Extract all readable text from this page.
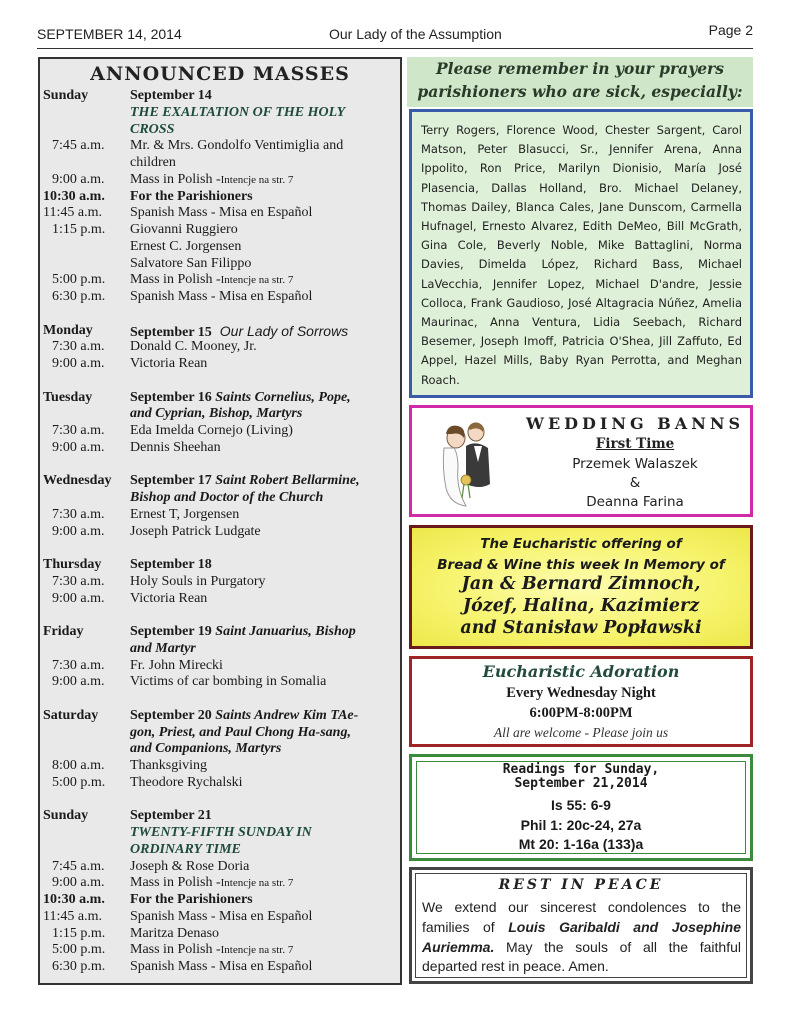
SEPTEMBER 14, 2014	Our Lady of the Assumption	Page 2
ANNOUNCED MASSES
Sunday	September 14
THE EXALTATION OF THE HOLY
CROSS
7:45 a.m.	Mr. & Mrs. Gondolfo Ventimiglia and
children
9:00 a.m.	Mass in Polish -Intencje na str. 7
10:30 a.m.	For the Parishioners
11:45 a.m.	Spanish Mass - Misa en Español
1:15 p.m.	Giovanni Ruggiero
Ernest C. Jorgensen
Salvatore San Filippo
5:00 p.m.	Mass in Polish -Intencje na str. 7
6:30 p.m.	Spanish Mass - Misa en Español
Monday	September 15 Our Lady of Sorrows
7:30 a.m.	Donald C. Mooney, Jr.
9:00 a.m.	Victoria Rean
Tuesday	September 16 Saints Cornelius, Pope,
and Cyprian, Bishop, Martyrs
7:30 a.m.	Eda Imelda Cornejo (Living)
9:00 a.m.	Dennis Sheehan
Wednesday	September 17 Saint Robert Bellarmine,
Bishop and Doctor of the Church
7:30 a.m.	Ernest T, Jorgensen
9:00 a.m.	Joseph Patrick Ludgate
Thursday	September 18
7:30 a.m.	Holy Souls in Purgatory
9:00 a.m.	Victoria Rean
Friday	September 19 Saint Januarius, Bishop
and Martyr
7:30 a.m.	Fr. John Mirecki
9:00 a.m.	Victims of car bombing in Somalia
Saturday	September 20 Saints Andrew Kim TAe-
gon, Priest, and Paul Chong Ha-sang,
and Companions, Martyrs
8:00 a.m.	Thanksgiving
5:00 p.m.	Theodore Rychalski
Sunday	September 21
TWENTY-FIFTH SUNDAY IN
ORDINARY TIME
7:45 a.m.	Joseph & Rose Doria
9:00 a.m.	Mass in Polish -Intencje na str. 7
10:30 a.m.	For the Parishioners
11:45 a.m.	Spanish Mass - Misa en Español
1:15 p.m.	Maritza Denaso
5:00 p.m.	Mass in Polish -Intencje na str. 7
6:30 p.m.	Spanish Mass - Misa en Español
Please remember in your prayers
parishioners who are sick, especially:
Terry Rogers, Florence Wood, Chester Sargent, Carol Matson, Peter Blasucci, Sr., Jennifer Arena, Anna Ippolito, Ron Price, Marilyn Dionisio, María José Plasencia, Dallas Holland, Bro. Michael Delaney, Thomas Dailey, Blanca Cales, Jane Dunscom, Carmella Hufnagel, Ernesto Alvarez, Edith DeMeo, Bill McGrath, Gina Cole, Beverly Noble, Mike Battaglini, Norma Davies, Dimelda López, Richard Bass, Michael LaVecchia, Jennifer Lopez, Michael D'andre, Jessie Colloca, Frank Gaudioso, José Altagracia Núñez, Amelia Maurinac, Anna Ventura, Lidia Seebach, Richard Besemer, Joseph Imoff, Patricia O'Shea, Jill Zaffuto, Ed Appel, Hazel Mills, Baby Ryan Perrotta, and Meghan Roach.
WEDDING BANNS
First Time
Przemek Walaszek
&
Deanna Farina
The Eucharistic offering of
Bread & Wine this week In Memory of
Jan & Bernard Zimnoch,
Józef, Halina, Kazimierz
and Stanisław Popławski
Eucharistic Adoration
Every Wednesday Night
6:00PM-8:00PM
All are welcome - Please join us
Readings for Sunday,
September 21,2014
Is 55: 6-9
Phil 1: 20c-24, 27a
Mt 20: 1-16a (133)a
REST IN PEACE
We extend our sincerest condolences to the families of Louis Garibaldi and Josephine Auriemma. May the souls of all the faithful departed rest in peace. Amen.
